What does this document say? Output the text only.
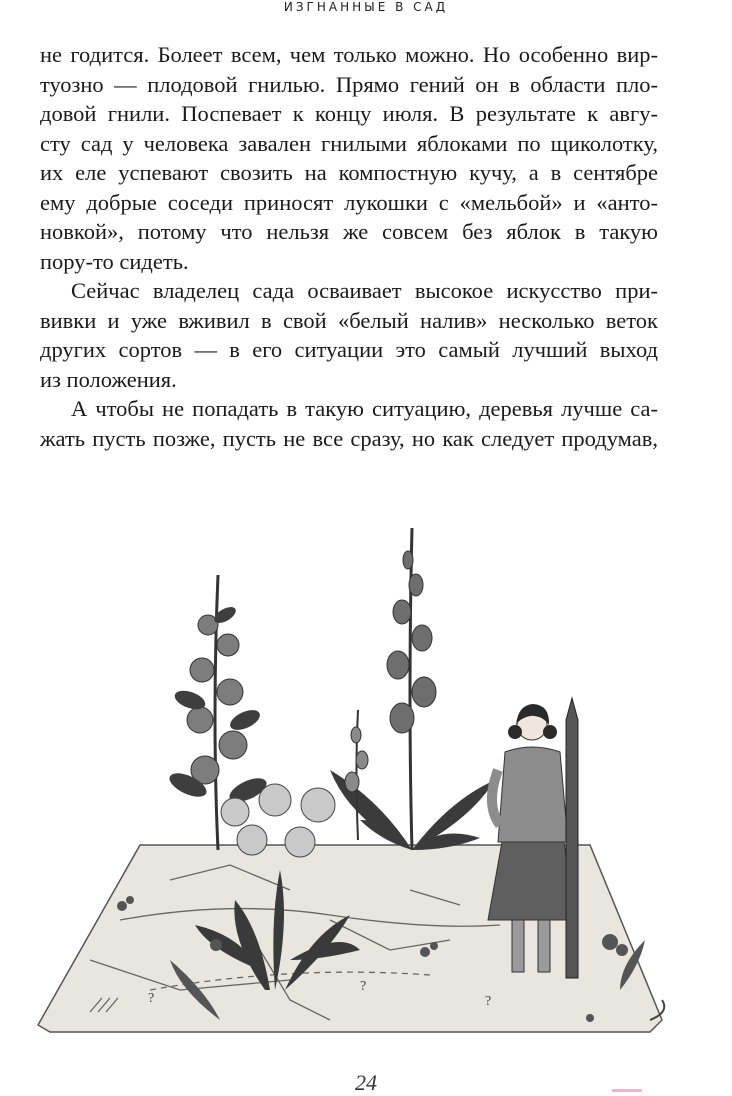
ИЗГНАННЫЕ В САД
не годится. Болеет всем, чем только можно. Но особенно вир-
туозно — плодовой гнилью. Прямо гений он в области пло-
довой гнили. Поспевает к концу июля. В результате к авгу-
сту сад у человека завален гнилыми яблоками по щиколотку,
их еле успевают свозить на компостную кучу, а в сентябре
ему добрые соседи приносят лукошки с «мельбой» и «анто-
новкой», потому что нельзя же совсем без яблок в такую
пору-то сидеть.
Сейчас владелец сада осваивает высокое искусство при-
вивки и уже вживил в свой «белый налив» несколько веток
других сортов — в его ситуации это самый лучший выход
из положения.
А чтобы не попадать в такую ситуацию, деревья лучше са-
жать пусть позже, пусть не все сразу, но как следует продумав,
?
?
?
24
